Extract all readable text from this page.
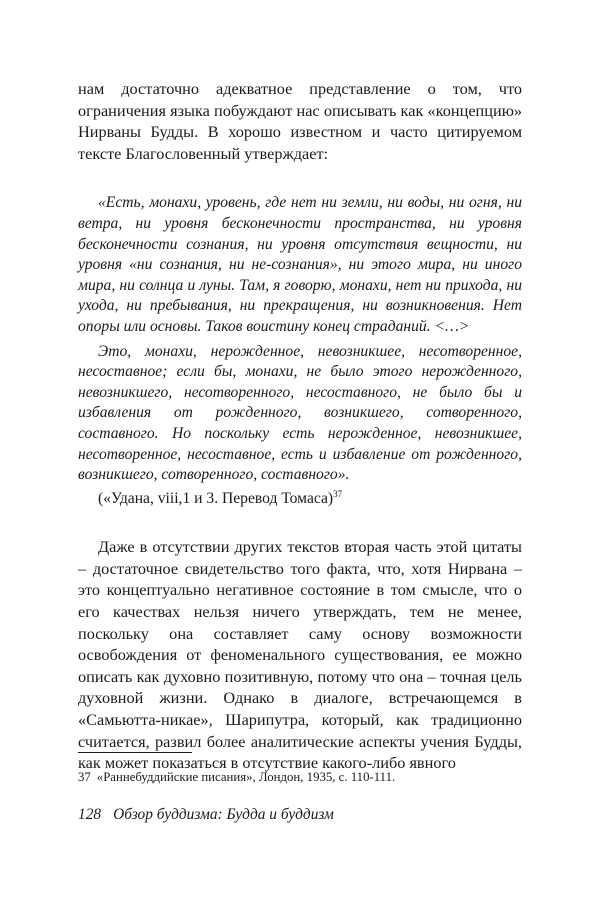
нам достаточно адекватное представление о том, что ограничения языка побуждают нас описывать как «концепцию» Нирваны Будды. В хорошо известном и часто цитируемом тексте Благословенный утверждает:

«Есть, монахи, уровень, где нет ни земли, ни воды, ни огня, ни ветра, ни уровня бесконечности пространства, ни уровня бесконечности сознания, ни уровня отсутствия вещности, ни уровня «ни сознания, ни не-сознания», ни этого мира, ни иного мира, ни солнца и луны. Там, я говорю, монахи, нет ни прихода, ни ухода, ни пребывания, ни прекращения, ни возникновения. Нет опоры или основы. Таков воистину конец страданий. <…>

Это, монахи, нерожденное, невозникшее, несотворенное, несоставное; если бы, монахи, не было этого нерожденного, невозникшего, несотворенного, несоставного, не было бы и избавления от рожденного, возникшего, сотворенного, составного. Но поскольку есть нерожденное, невозникшее, несотворенное, несоставное, есть и избавление от рожденного, возникшего, сотворенного, составного».

(«Удана, viii,1 и 3. Перевод Томаса)$^{37}$

Даже в отсутствии других текстов вторая часть этой цитаты – достаточное свидетельство того факта, что, хотя Нирвана – это концептуально негативное состояние в том смысле, что о его качествах нельзя ничего утверждать, тем не менее, поскольку она составляет саму основу возможности освобождения от феноменального существования, ее можно описать как духовно позитивную, потому что она – точная цель духовной жизни. Однако в диалоге, встречающемся в «Самьютта-никае», Шарипутра, который, как традиционно считается, развил более аналитические аспекты учения Будды, как может показаться в отсутствие какого-либо явного

37 «Раннебуддийские писания», Лондон, 1935, с. 110-111.

128 Обзор буддизма: Будда и буддизм
